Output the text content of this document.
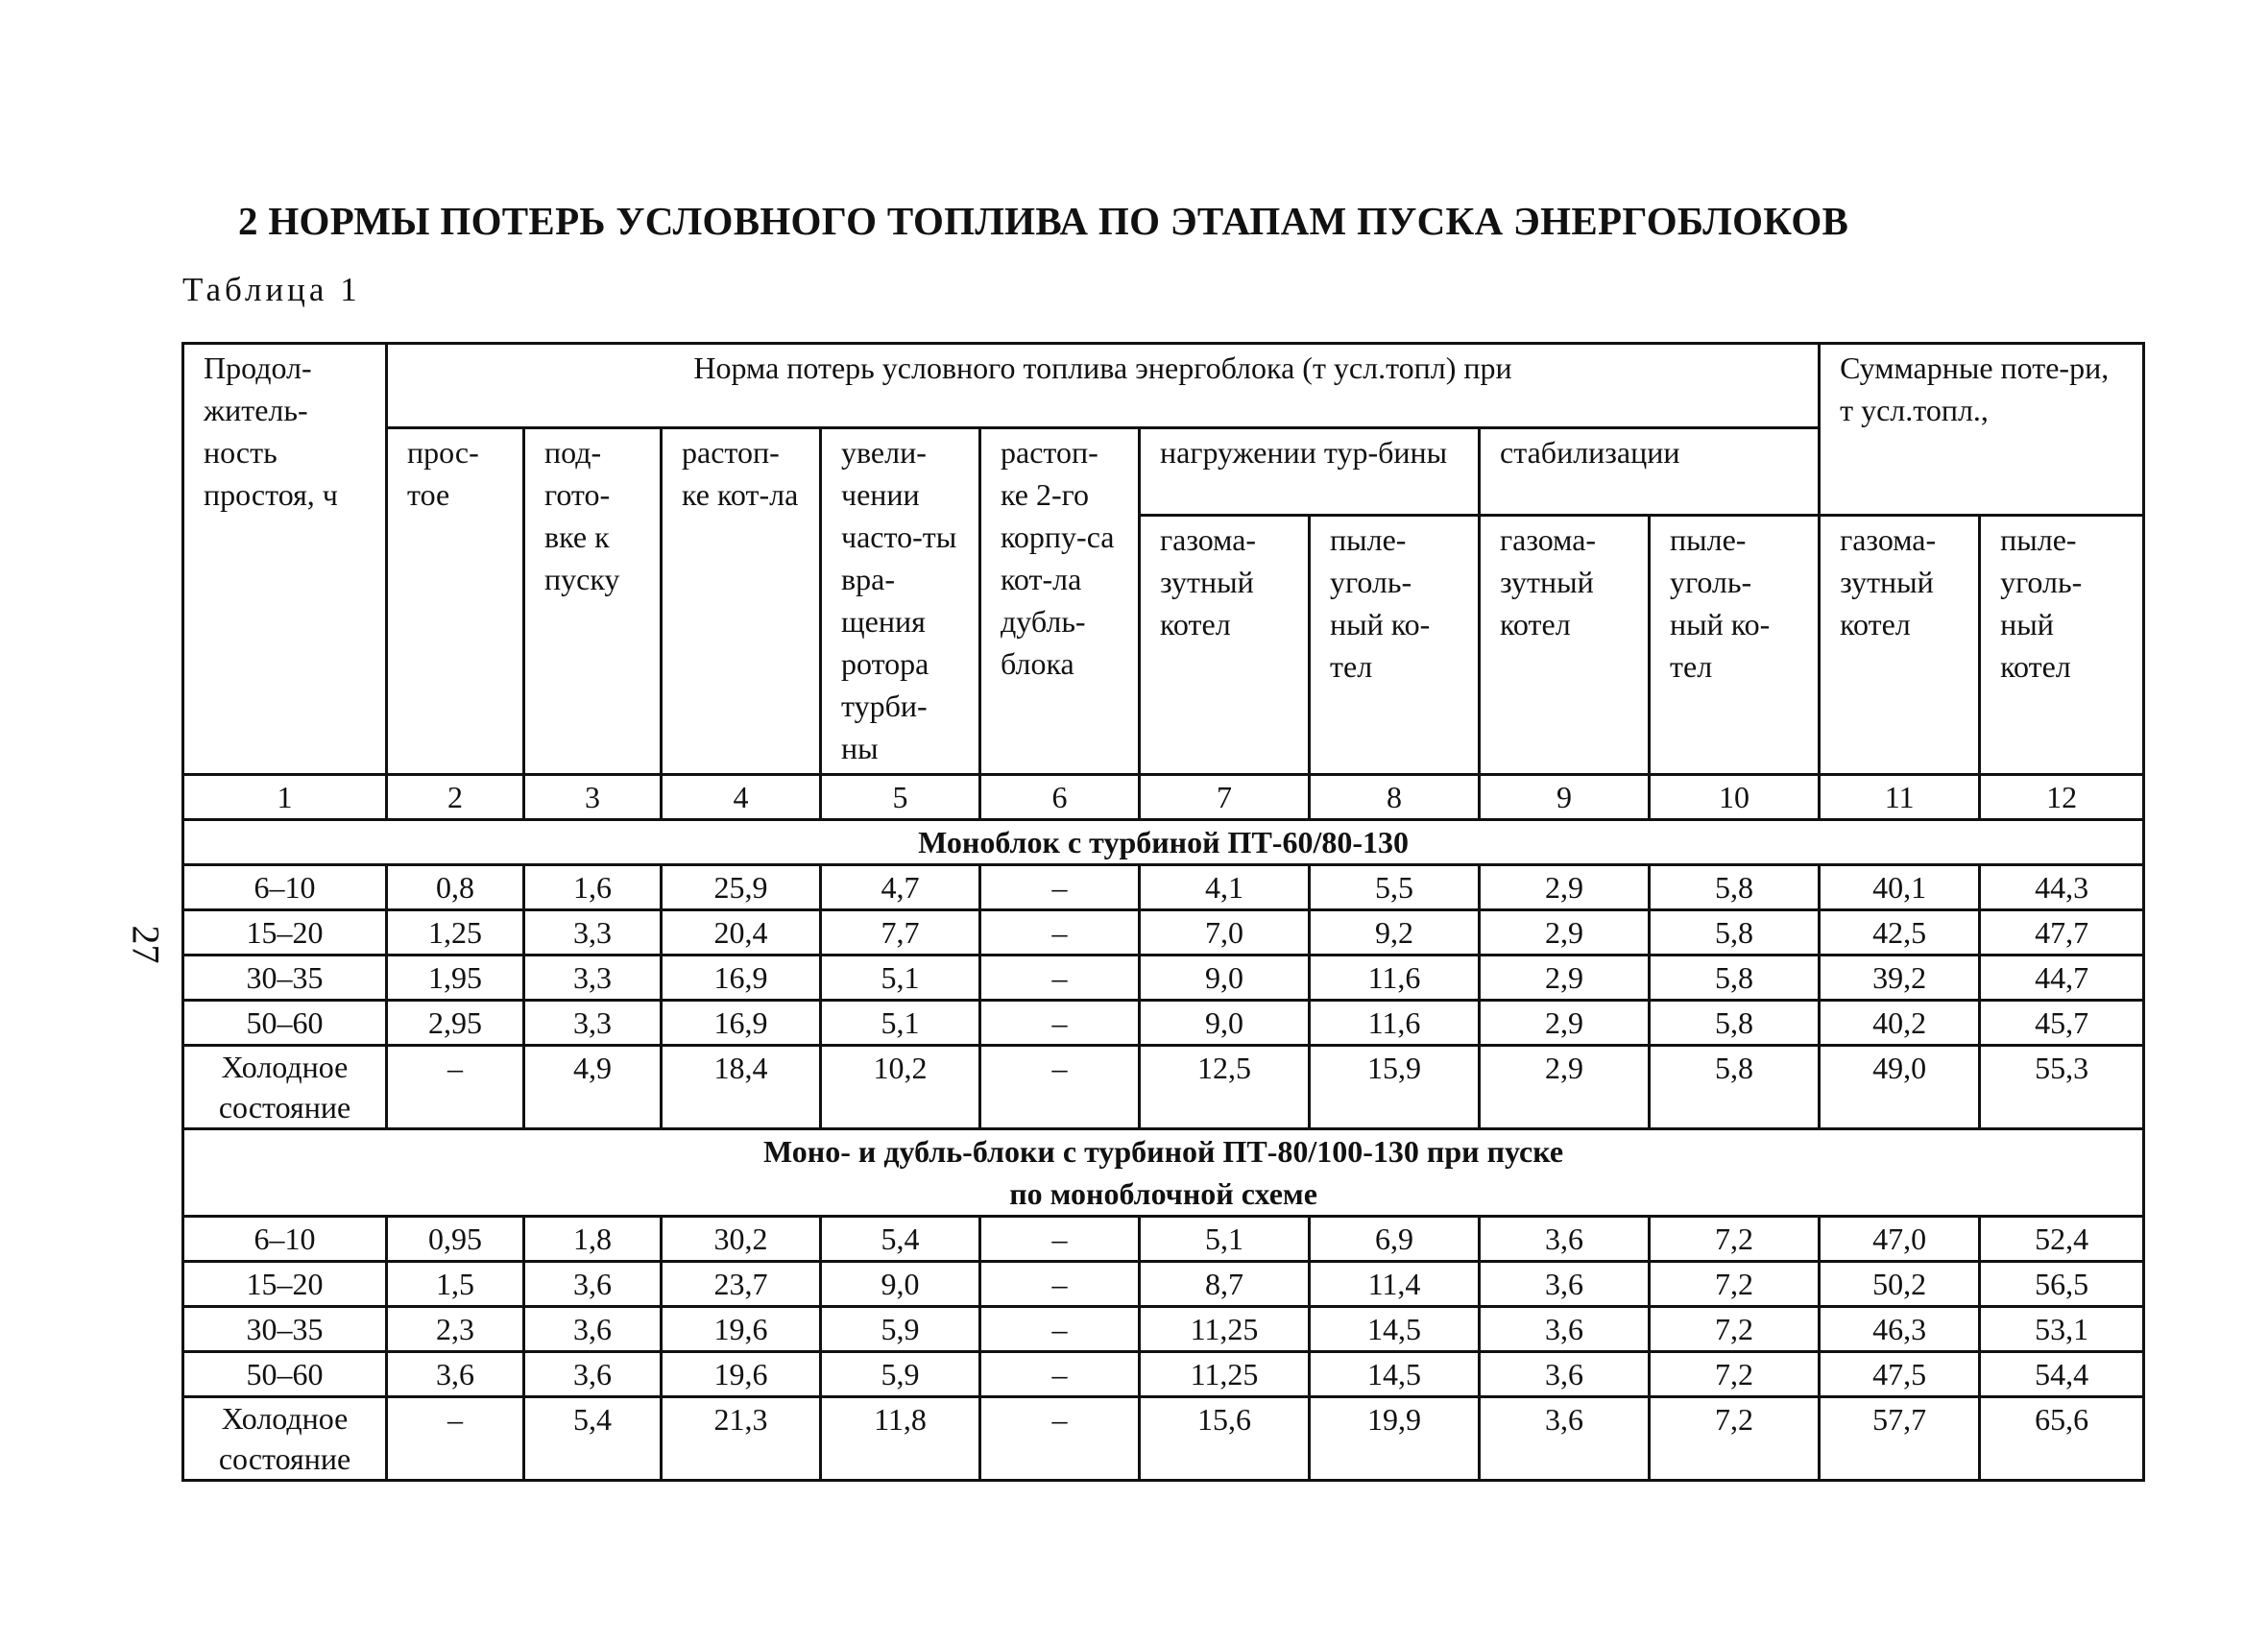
2 НОРМЫ ПОТЕРЬ УСЛОВНОГО ТОПЛИВА ПО ЭТАПАМ ПУСКА ЭНЕРГОБЛОКОВ
Таблица 1
27
Продол-житель-ность простоя, ч	Норма потерь условного топлива энергоблока (т усл.топл) при									Суммарные поте-ри, т усл.топл.,	
	прос-тое	под-гото-вке к пуску	растоп-ке кот-ла	увели-чении часто-ты вра-щения ротора турби-ны	растоп-ке 2-го корпу-са кот-ла дубль-блока	нагружении тур-бины		стабилизации			
						газома-зутный котел	пыле-уголь-ный ко-тел	газома-зутный котел	пыле-уголь-ный ко-тел	газома-зутный котел	пыле-уголь-ный котел
1	2	3	4	5	6	7	8	9	10	11	12
Моноблок с турбиной ПТ-60/80-130											
6–10	0,8	1,6	25,9	4,7	–	4,1	5,5	2,9	5,8	40,1	44,3
15–20	1,25	3,3	20,4	7,7	–	7,0	9,2	2,9	5,8	42,5	47,7
30–35	1,95	3,3	16,9	5,1	–	9,0	11,6	2,9	5,8	39,2	44,7
50–60	2,95	3,3	16,9	5,1	–	9,0	11,6	2,9	5,8	40,2	45,7
Холодное состояние	–	4,9	18,4	10,2	–	12,5	15,9	2,9	5,8	49,0	55,3

Моно- и дубль-блоки с турбиной ПТ-80/100-130 при пуске
по моноблочной схеме											

6–10	0,95	1,8	30,2	5,4	–	5,1	6,9	3,6	7,2	47,0	52,4
15–20	1,5	3,6	23,7	9,0	–	8,7	11,4	3,6	7,2	50,2	56,5
30–35	2,3	3,6	19,6	5,9	–	11,25	14,5	3,6	7,2	46,3	53,1
50–60	3,6	3,6	19,6	5,9	–	11,25	14,5	3,6	7,2	47,5	54,4
Холодное состояние	–	5,4	21,3	11,8	–	15,6	19,9	3,6	7,2	57,7	65,6
